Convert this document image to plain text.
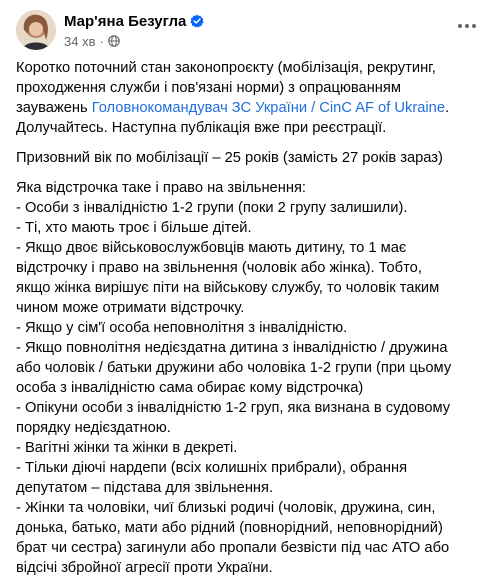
Мар'яна Безугла
34 хв ·

Коротко поточний стан законопроєкту (мобілізація, рекрутинг,
проходження служби і пов'язані норми) з опрацюванням
зауважень Головнокомандувач ЗС України / CinC AF of Ukraine.
Долучайтесь. Наступна публікація вже при реєстрації.

Призовний вік по мобілізації – 25 років (замість 27 років зараз)

Яка відстрочка таке і право на звільнення:
- Особи з інвалідністю 1-2 групи (поки 2 групу залишили).
- Ті, хто мають троє і більше дітей.
- Якщо двоє військовослужбовців мають дитину, то 1 має
відстрочку і право на звільнення (чоловік або жінка). Тобто,
якщо жінка вирішує піти на військову службу, то чоловік таким
чином може отримати відстрочку.
- Якщо у сім'ї особа неповнолітня з інвалідністю.
- Якщо повнолітня недієздатна дитина з інвалідністю / дружина
або чоловік / батьки дружини або чоловіка 1-2 групи (при цьому
особа з інвалідністю сама обирає кому відстрочка)
- Опікуни особи з інвалідністю 1-2 груп, яка визнана в судовому
порядку недієздатною.
- Вагітні жінки та жінки в декреті.
- Тільки діючі нардепи (всіх колишніх прибрали), обрання
депутатом – підстава для звільнення.
- Жінки та чоловіки, чиї близькі родичі (чоловік, дружина, син,
донька, батько, мати або рідний (повнорідний, неповнорідний)
брат чи сестра) загинули або пропали безвісти під час АТО або
відсічі збройної агресії проти України.
